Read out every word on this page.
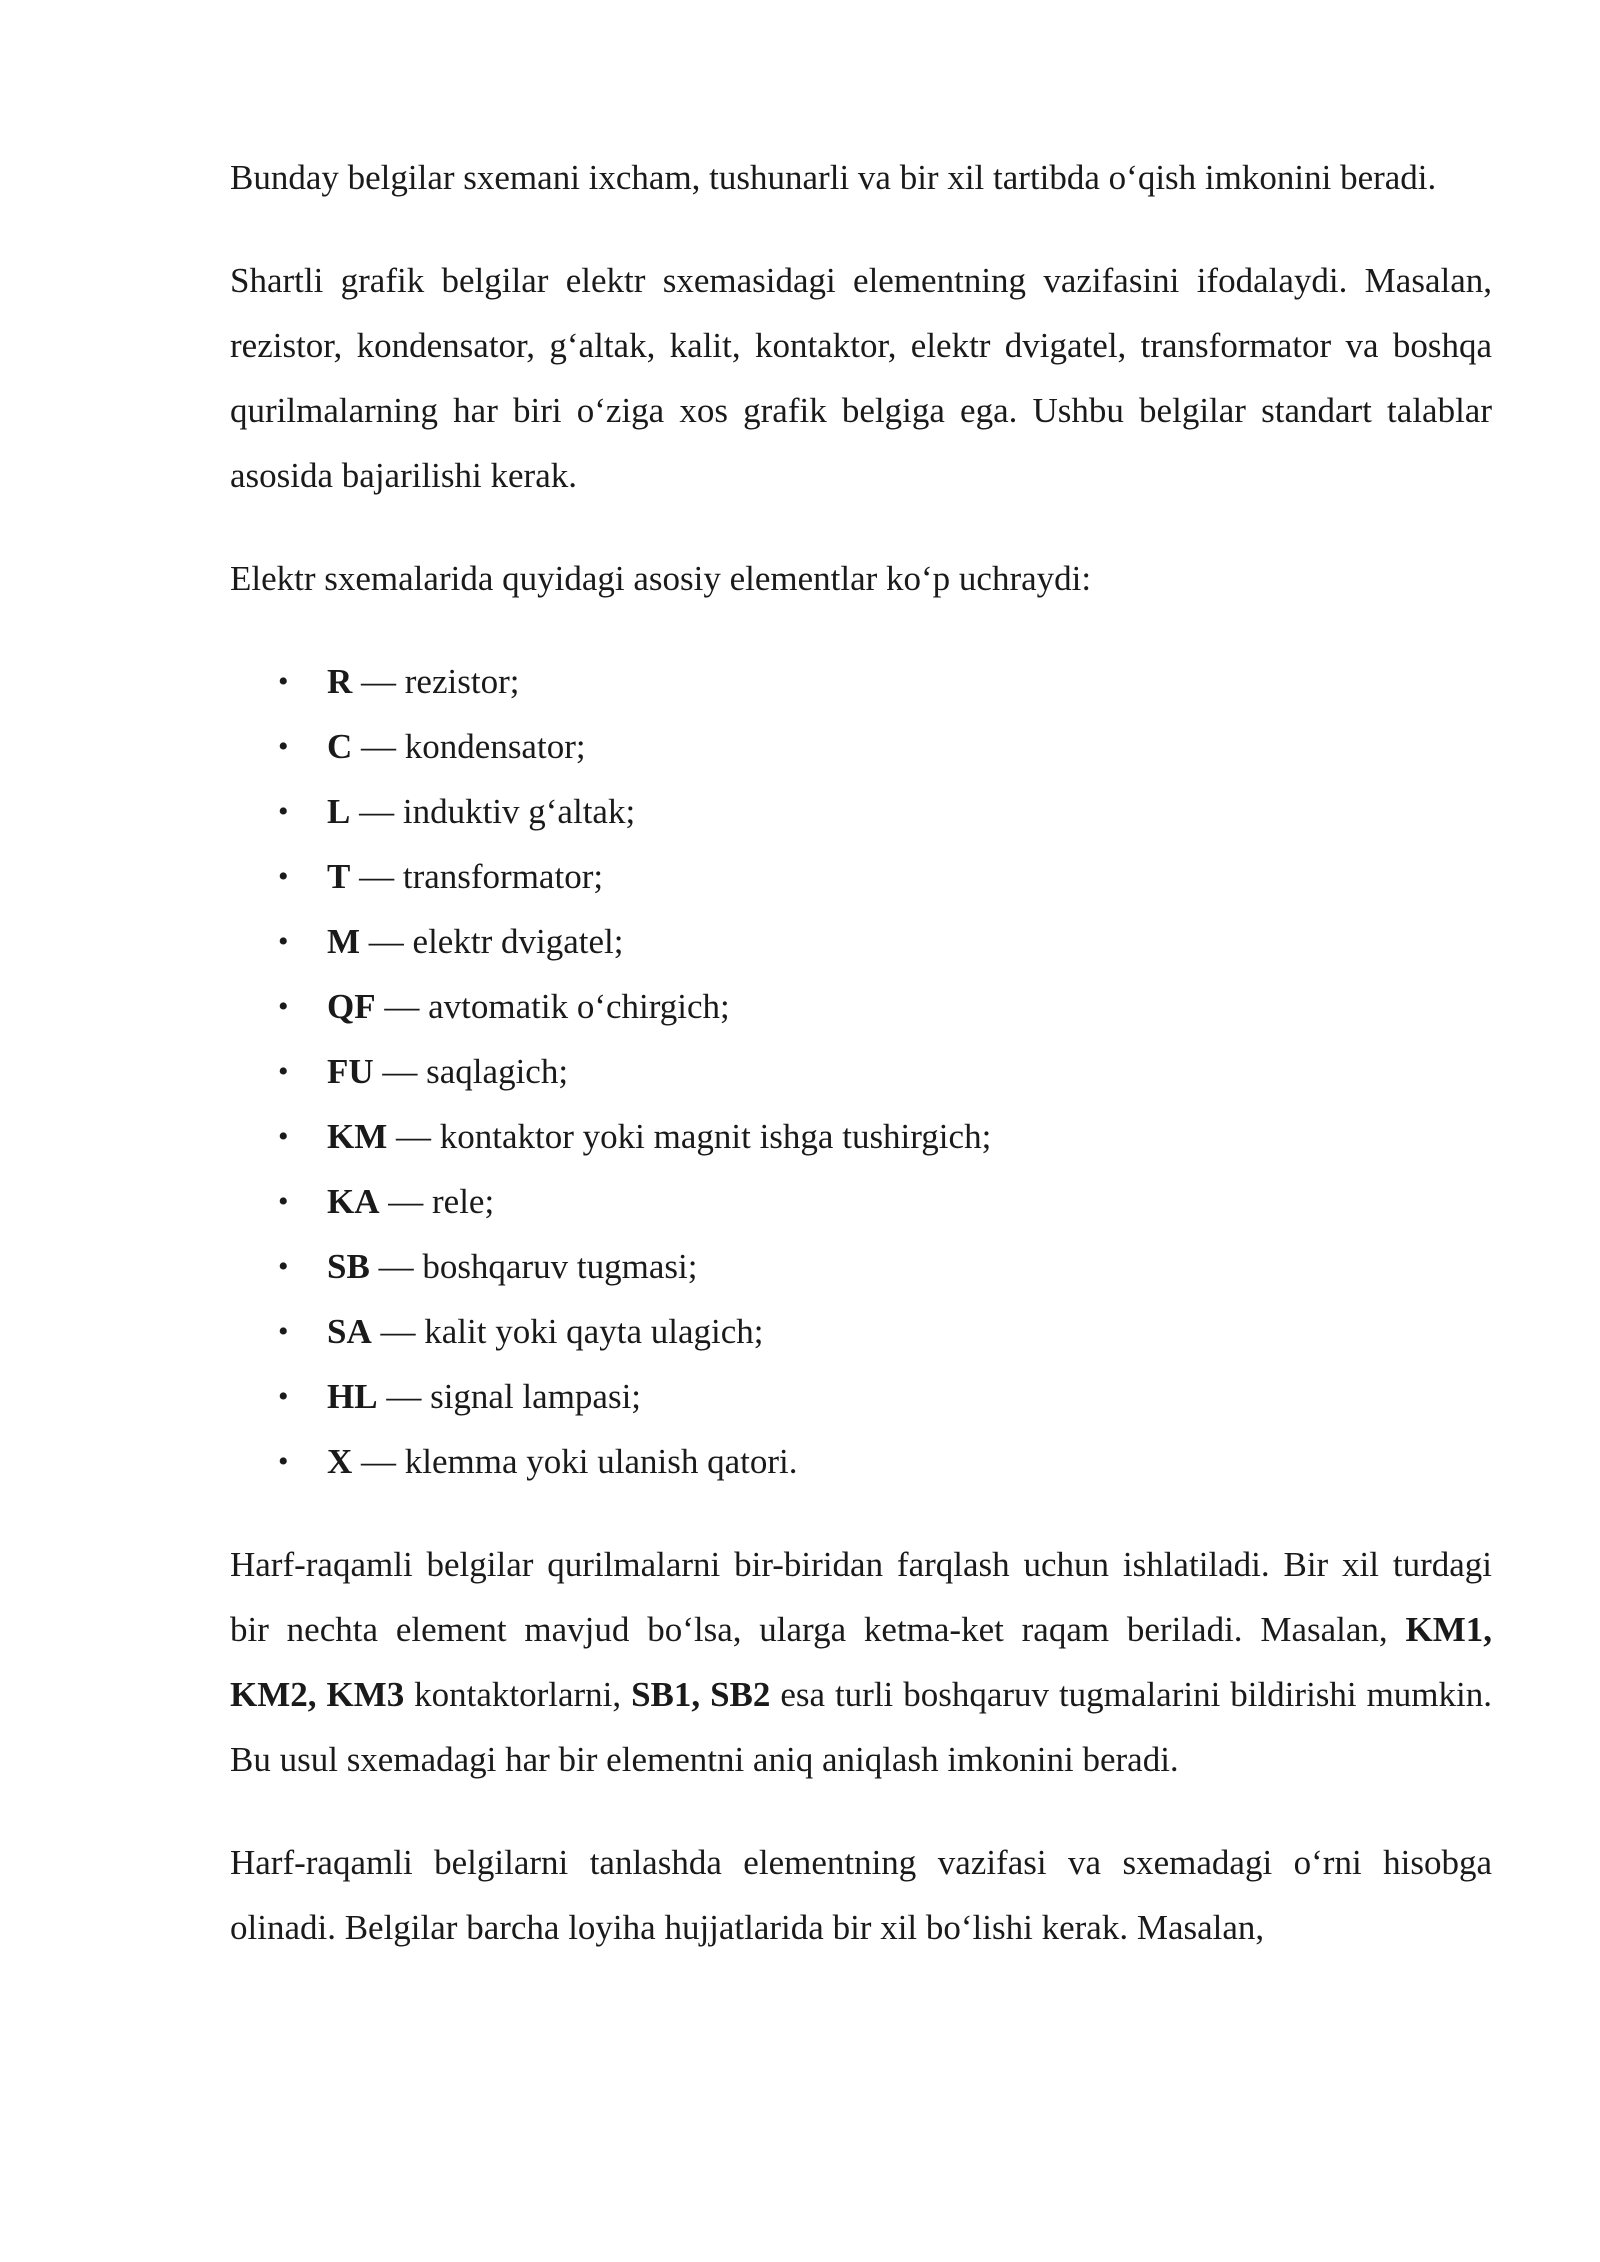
Bunday belgilar sxemani ixcham, tushunarli va bir xil tartibda o‘qish imkonini beradi.

Shartli grafik belgilar elektr sxemasidagi elementning vazifasini ifodalaydi. Masalan, rezistor, kondensator, g‘altak, kalit, kontaktor, elektr dvigatel, transformator va boshqa qurilmalarning har biri o‘ziga xos grafik belgiga ega. Ushbu belgilar standart talablar asosida bajarilishi kerak.

Elektr sxemalarida quyidagi asosiy elementlar ko‘p uchraydi:

• R — rezistor;
• C — kondensator;
• L — induktiv g‘altak;
• T — transformator;
• M — elektr dvigatel;
• QF — avtomatik o‘chirgich;
• FU — saqlagich;
• KM — kontaktor yoki magnit ishga tushirgich;
• KA — rele;
• SB — boshqaruv tugmasi;
• SA — kalit yoki qayta ulagich;
• HL — signal lampasi;
• X — klemma yoki ulanish qatori.

Harf-raqamli belgilar qurilmalarni bir-biridan farqlash uchun ishlatiladi. Bir xil turdagi bir nechta element mavjud bo‘lsa, ularga ketma-ket raqam beriladi. Masalan, KM1, KM2, KM3 kontaktorlarni, SB1, SB2 esa turli boshqaruv tugmalarini bildirishi mumkin. Bu usul sxemadagi har bir elementni aniq aniqlash imkonini beradi.

Harf-raqamli belgilarni tanlashda elementning vazifasi va sxemadagi o‘rni hisobga olinadi. Belgilar barcha loyiha hujjatlarida bir xil bo‘lishi kerak. Masalan,
